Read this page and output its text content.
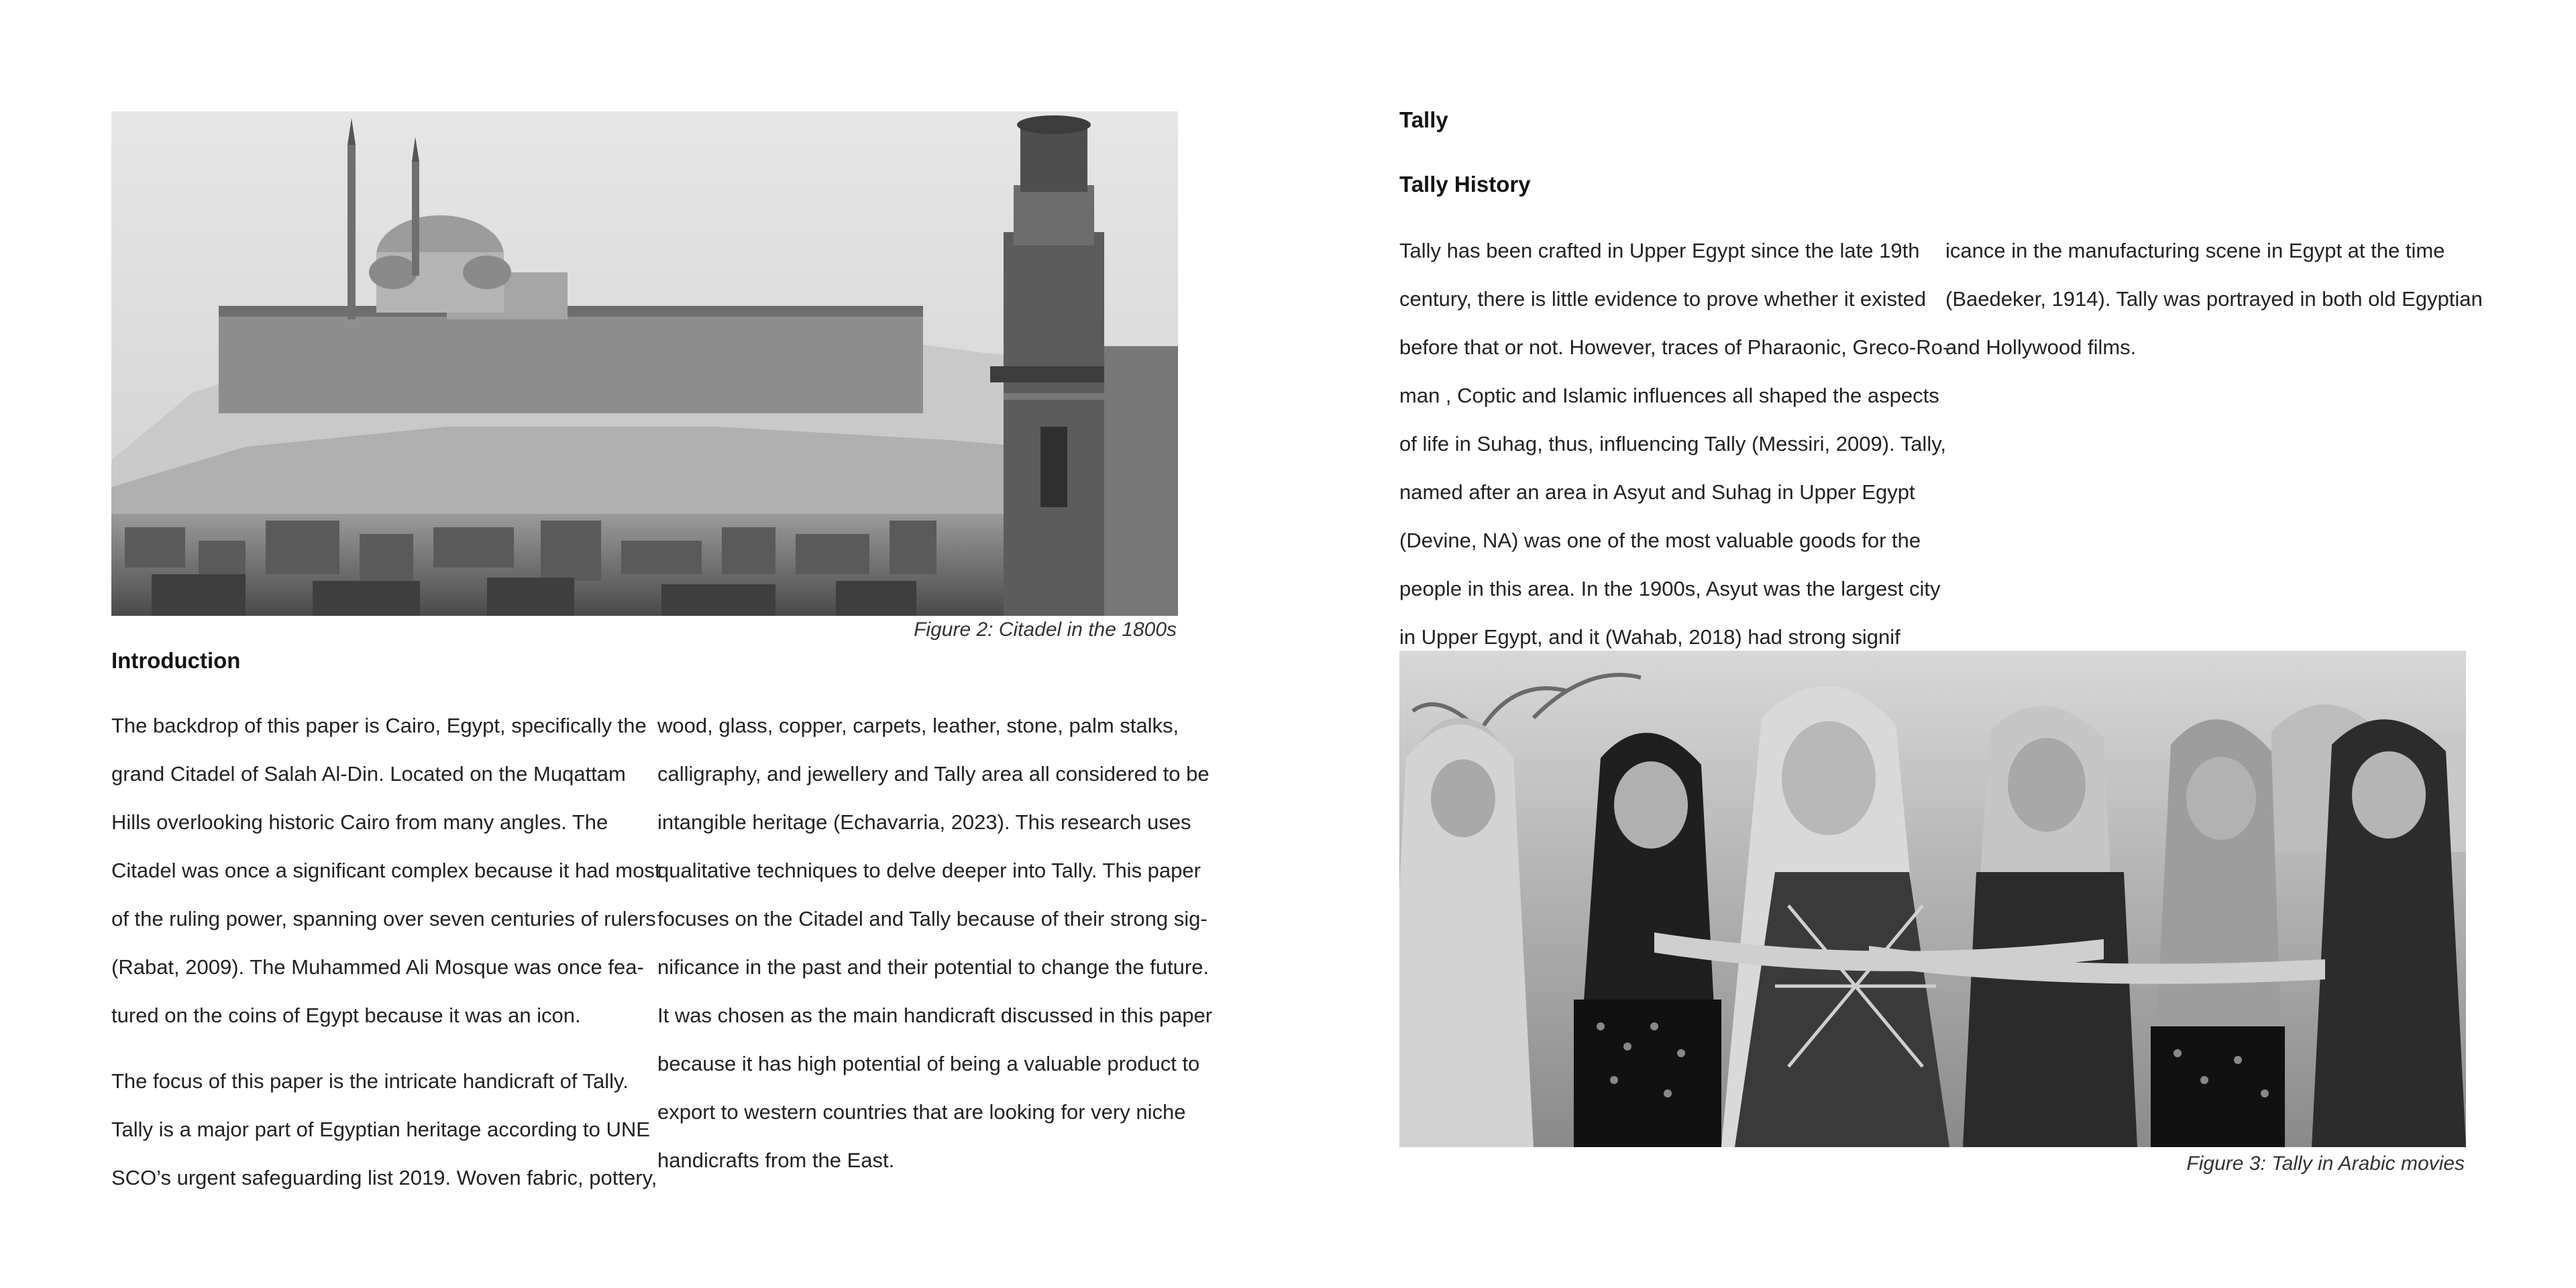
Figure 2: Citadel in the 1800s
Introduction

The backdrop of this paper is Cairo, Egypt, specifically the
grand Citadel of Salah Al-Din. Located on the Muqattam
Hills overlooking historic Cairo from many angles. The
Citadel was once a significant complex because it had most
of the ruling power, spanning over seven centuries of rulers
(Rabat, 2009). The Muhammed Ali Mosque was once fea-
tured on the coins of Egypt because it was an icon.

The focus of this paper is the intricate handicraft of Tally.
Tally is a major part of Egyptian heritage according to UNE
SCO’s urgent safeguarding list 2019. Woven fabric, pottery,

wood, glass, copper, carpets, leather, stone, palm stalks,
calligraphy, and jewellery and Tally area all considered to be
intangible heritage (Echavarria, 2023). This research uses
qualitative techniques to delve deeper into Tally. This paper
focuses on the Citadel and Tally because of their strong sig-
nificance in the past and their potential to change the future.
It was chosen as the main handicraft discussed in this paper
because it has high potential of being a valuable product to
export to western countries that are looking for very niche
handicrafts from the East.

Tally
Tally History

Tally has been crafted in Upper Egypt since the late 19th
century, there is little evidence to prove whether it existed
before that or not. However, traces of Pharaonic, Greco-Ro-
man , Coptic and Islamic influences all shaped the aspects
of life in Suhag, thus, influencing Tally (Messiri, 2009). Tally,
named after an area in Asyut and Suhag in Upper Egypt
(Devine, NA) was one of the most valuable goods for the
people in this area. In the 1900s, Asyut was the largest city
in Upper Egypt, and it (Wahab, 2018) had strong signif

icance in the manufacturing scene in Egypt at the time
(Baedeker, 1914). Tally was portrayed in both old Egyptian
and Hollywood films.

Figure 3: Tally in Arabic movies
